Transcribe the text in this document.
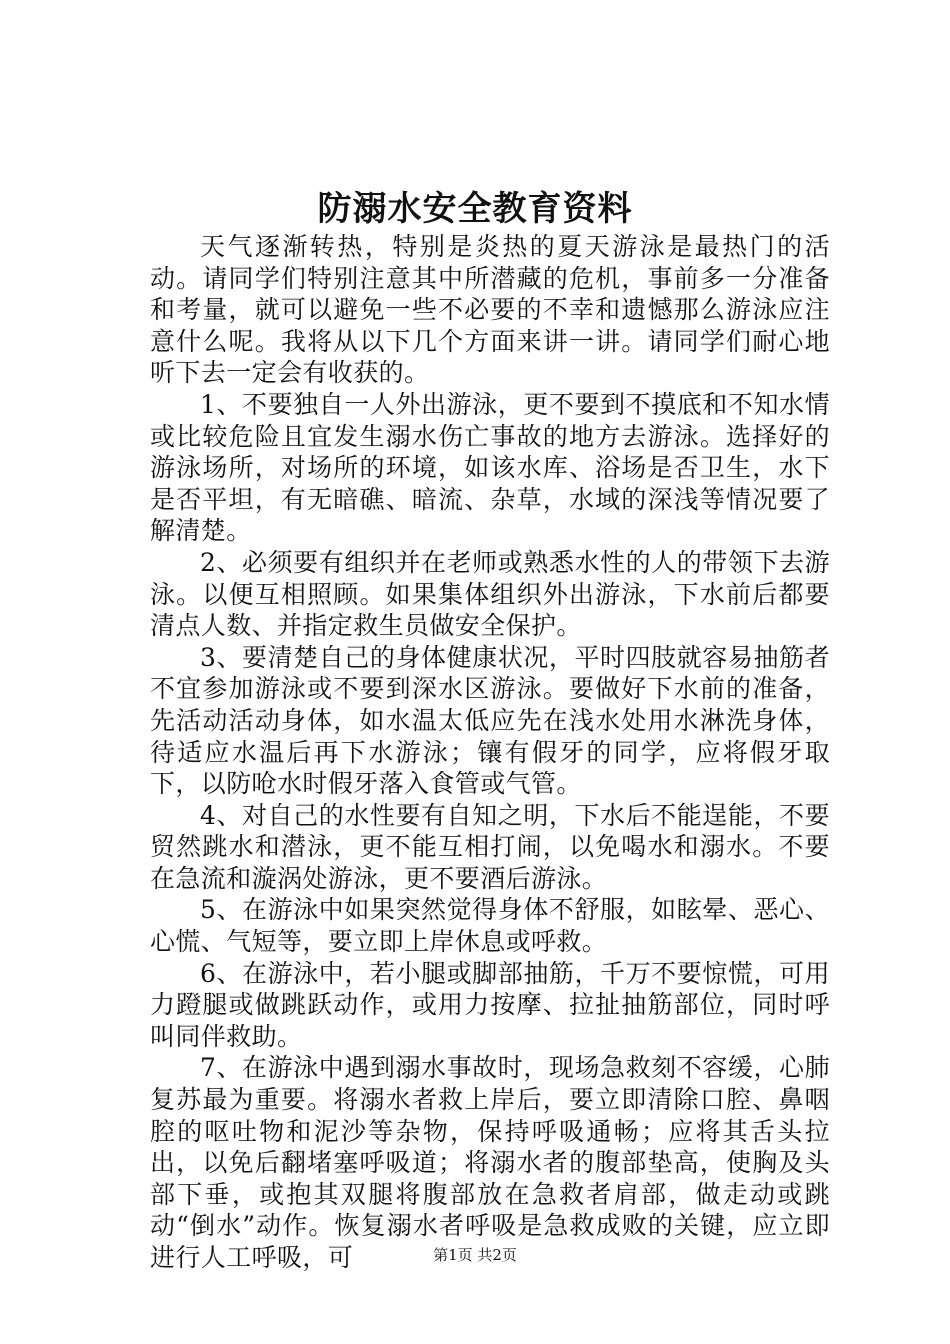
防溺水安全教育资料

天气逐渐转热，特别是炎热的夏天游泳是最热门的活动。请同学们特别注意其中所潜藏的危机，事前多一分准备和考量，就可以避免一些不必要的不幸和遗憾那么游泳应注意什么呢。我将从以下几个方面来讲一讲。请同学们耐心地听下去一定会有收获的。

1、不要独自一人外出游泳，更不要到不摸底和不知水情或比较危险且宜发生溺水伤亡事故的地方去游泳。选择好的游泳场所，对场所的环境，如该水库、浴场是否卫生，水下是否平坦，有无暗礁、暗流、杂草，水域的深浅等情况要了解清楚。

2、必须要有组织并在老师或熟悉水性的人的带领下去游泳。以便互相照顾。如果集体组织外出游泳，下水前后都要清点人数、并指定救生员做安全保护。

3、要清楚自己的身体健康状况，平时四肢就容易抽筋者不宜参加游泳或不要到深水区游泳。要做好下水前的准备，先活动活动身体，如水温太低应先在浅水处用水淋洗身体，待适应水温后再下水游泳；镶有假牙的同学，应将假牙取下，以防呛水时假牙落入食管或气管。

4、对自己的水性要有自知之明，下水后不能逞能，不要贸然跳水和潜泳，更不能互相打闹，以免喝水和溺水。不要在急流和漩涡处游泳，更不要酒后游泳。

5、在游泳中如果突然觉得身体不舒服，如眩晕、恶心、心慌、气短等，要立即上岸休息或呼救。

6、在游泳中，若小腿或脚部抽筋，千万不要惊慌，可用力蹬腿或做跳跃动作，或用力按摩、拉扯抽筋部位，同时呼叫同伴救助。

7、在游泳中遇到溺水事故时，现场急救刻不容缓，心肺复苏最为重要。将溺水者救上岸后，要立即清除口腔、鼻咽腔的呕吐物和泥沙等杂物，保持呼吸通畅；应将其舌头拉出，以免后翻堵塞呼吸道；将溺水者的腹部垫高，使胸及头部下垂，或抱其双腿将腹部放在急救者肩部，做走动或跳动“倒水”动作。恢复溺水者呼吸是急救成败的关键，应立即进行人工呼吸，可	第1页 共2页
